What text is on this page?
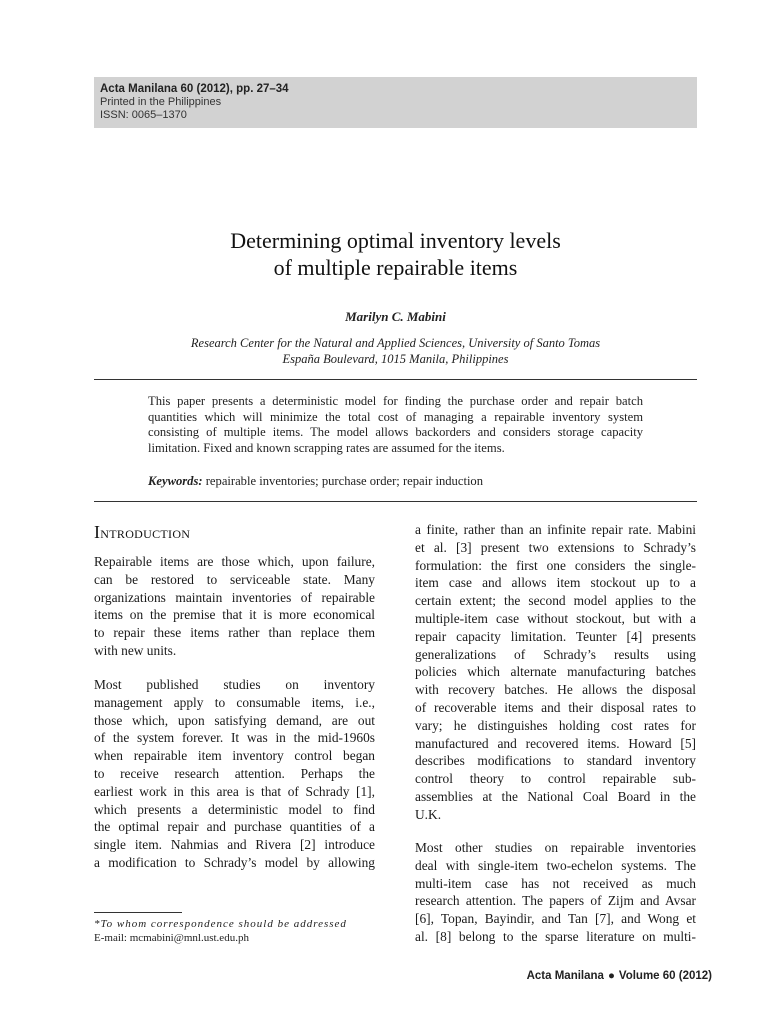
Acta Manilana 60 (2012), pp. 27–34
Printed in the Philippines
ISSN: 0065–1370
Determining optimal inventory levels
of multiple repairable items
Marilyn C. Mabini
Research Center for the Natural and Applied Sciences, University of Santo Tomas
España Boulevard, 1015 Manila, Philippines
This paper presents a deterministic model for finding the purchase order and repair batch
quantities which will minimize the total cost of managing a repairable inventory system
consisting of multiple items. The model allows backorders and considers storage capacity
limitation. Fixed and known scrapping rates are assumed for the items.
Keywords: repairable inventories; purchase order; repair induction
INTRODUCTION
Repairable items are those which, upon failure,
can be restored to serviceable state. Many
organizations maintain inventories of repairable
items on the premise that it is more economical
to repair these items rather than replace them
with new units.
Most published studies on inventory
management apply to consumable items, i.e.,
those which, upon satisfying demand, are out
of the system forever. It was in the mid-1960s
when repairable item inventory control began
to receive research attention. Perhaps the
earliest work in this area is that of Schrady [1],
which presents a deterministic model to find
the optimal repair and purchase quantities of a
single item. Nahmias and Rivera [2] introduce
a modification to Schrady’s model by allowing
a finite, rather than an infinite repair rate. Mabini
et al. [3] present two extensions to Schrady’s
formulation: the first one considers the single-
item case and allows item stockout up to a
certain extent; the second model applies to the
multiple-item case without stockout, but with a
repair capacity limitation. Teunter [4] presents
generalizations of Schrady’s results using
policies which alternate manufacturing batches
with recovery batches. He allows the disposal
of recoverable items and their disposal rates to
vary; he distinguishes holding cost rates for
manufactured and recovered items. Howard [5]
describes modifications to standard inventory
control theory to control repairable sub-
assemblies at the National Coal Board in the
U.K.
Most other studies on repairable inventories
deal with single-item two-echelon systems. The
multi-item case has not received as much
research attention. The papers of Zijm and Avsar
[6], Topan, Bayindir, and Tan [7], and Wong et
al. [8] belong to the sparse literature on multi-
*To whom correspondence should be addressed
E-mail: mcmabini@mnl.ust.edu.ph
Acta Manilana ● Volume 60 (2012)
